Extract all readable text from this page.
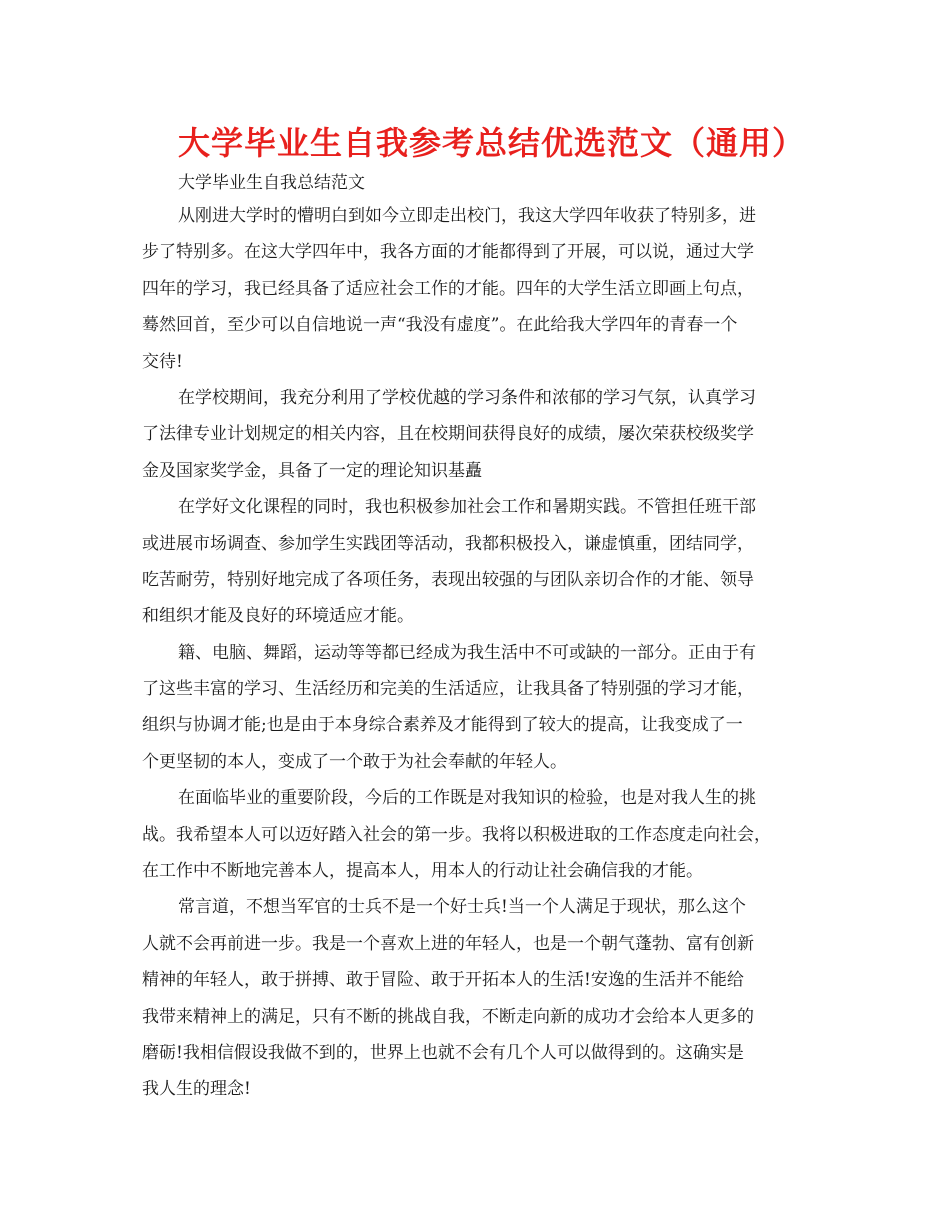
大学毕业生自我参考总结优选范文（通用）

大学毕业生自我总结范文

从刚进大学时的懵明白到如今立即走出校门，我这大学四年收获了特别多，进
步了特别多。在这大学四年中，我各方面的才能都得到了开展，可以说，通过大学
四年的学习，我已经具备了适应社会工作的才能。四年的大学生活立即画上句点，
蓦然回首，至少可以自信地说一声“我没有虚度”。在此给我大学四年的青春一个
交待!
在学校期间，我充分利用了学校优越的学习条件和浓郁的学习气氛，认真学习
了法律专业计划规定的相关内容，且在校期间获得良好的成绩，屡次荣获校级奖学
金及国家奖学金，具备了一定的理论知识基矗
在学好文化课程的同时，我也积极参加社会工作和暑期实践。不管担任班干部
或进展市场调查、参加学生实践团等活动，我都积极投入，谦虚慎重，团结同学，
吃苦耐劳，特别好地完成了各项任务，表现出较强的与团队亲切合作的才能、领导
和组织才能及良好的环境适应才能。
籍、电脑、舞蹈，运动等等都已经成为我生活中不可或缺的一部分。正由于有
了这些丰富的学习、生活经历和完美的生活适应，让我具备了特别强的学习才能，
组织与协调才能;也是由于本身综合素养及才能得到了较大的提高，让我变成了一
个更坚韧的本人，变成了一个敢于为社会奉献的年轻人。
在面临毕业的重要阶段，今后的工作既是对我知识的检验，也是对我人生的挑
战。我希望本人可以迈好踏入社会的第一步。我将以积极进取的工作态度走向社会，
在工作中不断地完善本人，提高本人，用本人的行动让社会确信我的才能。
常言道，不想当军官的士兵不是一个好士兵!当一个人满足于现状，那么这个
人就不会再前进一步。我是一个喜欢上进的年轻人，也是一个朝气蓬勃、富有创新
精神的年轻人，敢于拼搏、敢于冒险、敢于开拓本人的生活!安逸的生活并不能给
我带来精神上的满足，只有不断的挑战自我，不断走向新的成功才会给本人更多的
磨砺!我相信假设我做不到的，世界上也就不会有几个人可以做得到的。这确实是
我人生的理念!
